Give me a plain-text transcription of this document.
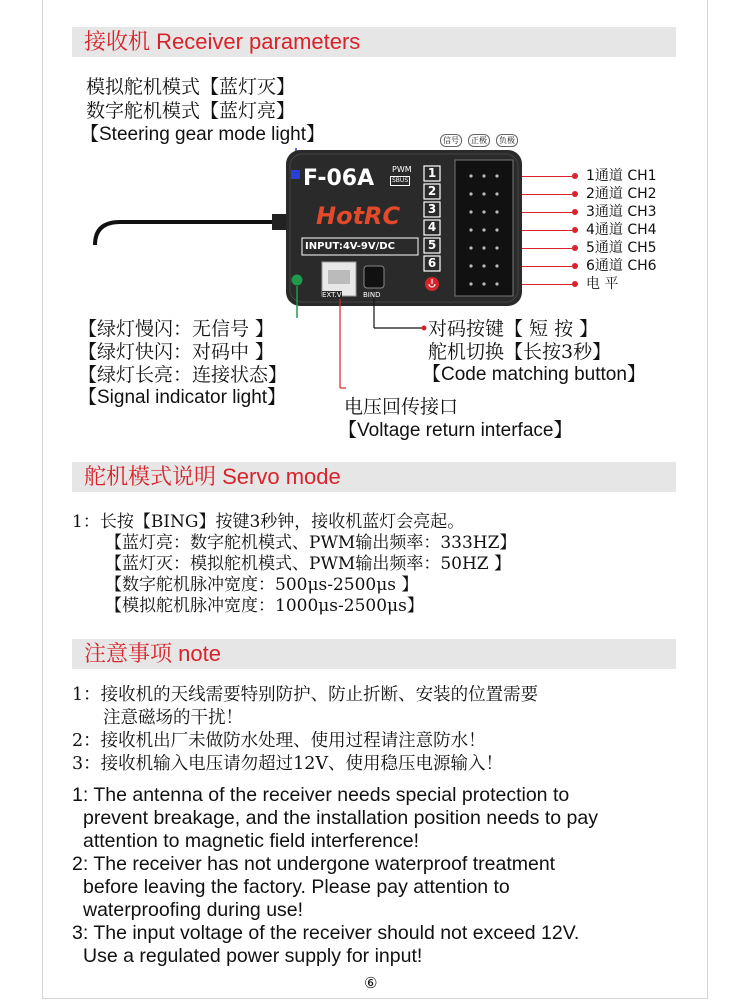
接收机 Receiver parameters
模拟舵机模式【蓝灯灭】
数字舵机模式【蓝灯亮】
【Steering gear mode light】	信号	正极	负极
F-06A PWM
SBUS
HotRC
INPUT:4V-9V/DC
EXT.V	BIND
1
2
3
4
5
6
1通道 CH1
2通道 CH2
3通道 CH3
4通道 CH4
5通道 CH5
6通道 CH6
电 平
【绿灯慢闪：无信号 】
【绿灯快闪：对码中 】
【绿灯长亮：连接状态】
【Signal indicator light】
对码按键【 短 按 】
舵机切换【长按3秒】
【Code matching button】
电压回传接口
【Voltage return interface】
舵机模式说明 Servo mode
1：长按【BING】按键3秒钟，接收机蓝灯会亮起。
【蓝灯亮：数字舵机模式、PWM输出频率：333HZ】
【蓝灯灭：模拟舵机模式、PWM输出频率：50HZ 】
【数字舵机脉冲宽度：500μs-2500μs 】
【模拟舵机脉冲宽度：1000μs-2500μs】
注意事项 note
1：接收机的天线需要特别防护、防止折断、安装的位置需要
注意磁场的干扰！
2：接收机出厂未做防水处理、使用过程请注意防水！
3：接收机输入电压请勿超过12V、使用稳压电源输入！
1: The antenna of the receiver needs special protection to
prevent breakage, and the installation position needs to pay
attention to magnetic field interference!
2: The receiver has not undergone waterproof treatment
before leaving the factory. Please pay attention to
waterproofing during use!
3: The input voltage of the receiver should not exceed 12V.
Use a regulated power supply for input!
⑥
